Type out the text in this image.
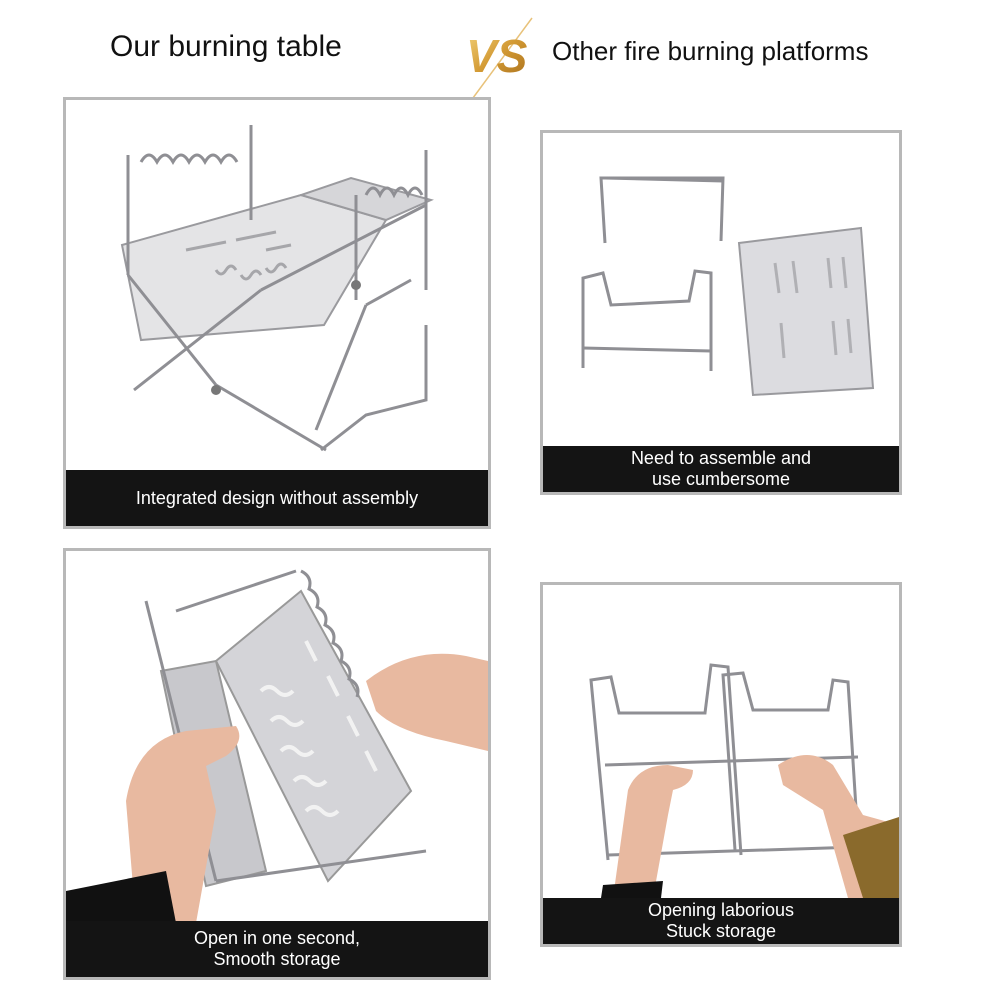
Our burning table	VS Other fire burning platforms
Integrated design without assembly
Need to assemble and
use cumbersome
Open in one second,
Smooth storage
Opening laborious
Stuck storage
